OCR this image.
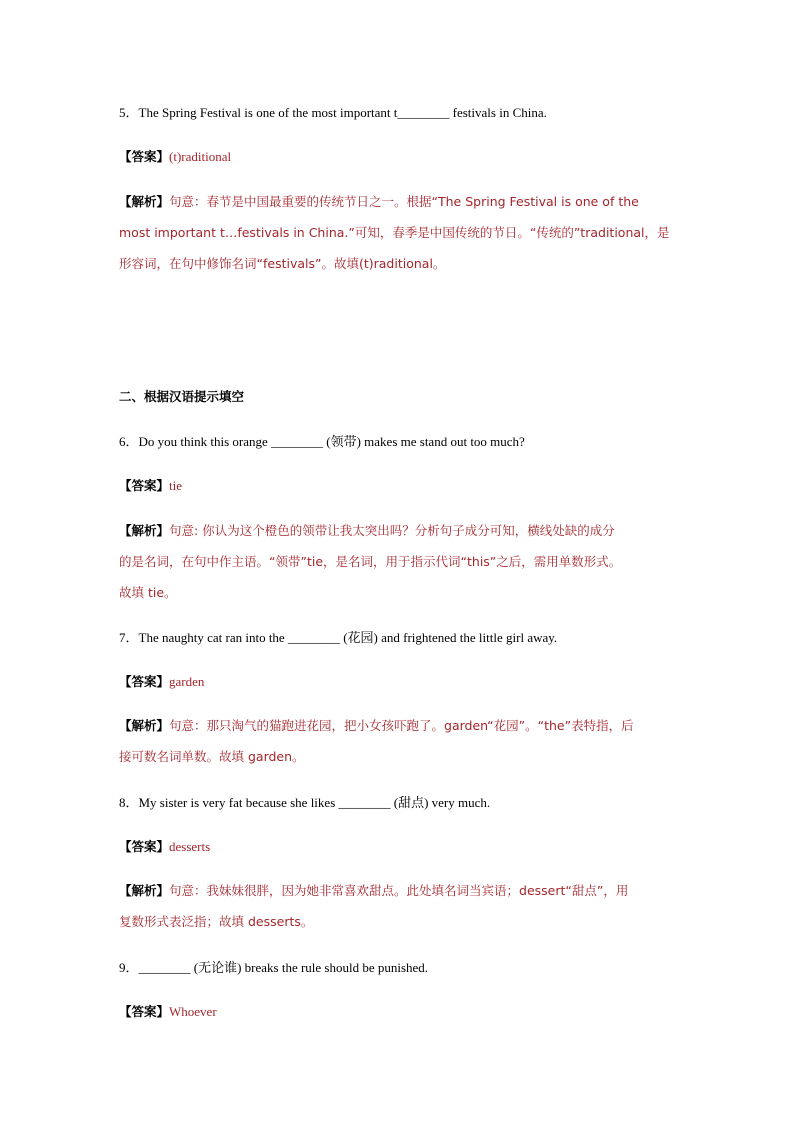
5．The Spring Festival is one of the most important t________ festivals in China.
【答案】(t)raditional
【解析】句意：春节是中国最重要的传统节日之一。根据“The Spring Festival is one of the
most important t…festivals in China.”可知，春季是中国传统的节日。“传统的”traditional，是
形容词，在句中修饰名词“festivals”。故填(t)raditional。
二、根据汉语提示填空
6．Do you think this orange ________ (领带) makes me stand out too much?
【答案】tie
【解析】句意: 你认为这个橙色的领带让我太突出吗？分析句子成分可知，横线处缺的成分
的是名词，在句中作主语。“领带”tie，是名词，用于指示代词“this”之后，需用单数形式。
故填 tie。
7．The naughty cat ran into the ________ (花园) and frightened the little girl away.
【答案】garden
【解析】句意：那只淘气的猫跑进花园，把小女孩吓跑了。garden“花园”。“the”表特指，后
接可数名词单数。故填 garden。
8．My sister is very fat because she likes ________ (甜点) very much.
【答案】desserts
【解析】句意：我妹妹很胖，因为她非常喜欢甜点。此处填名词当宾语；dessert“甜点”，用
复数形式表泛指；故填 desserts。
9．________ (无论谁) breaks the rule should be punished.
【答案】Whoever
